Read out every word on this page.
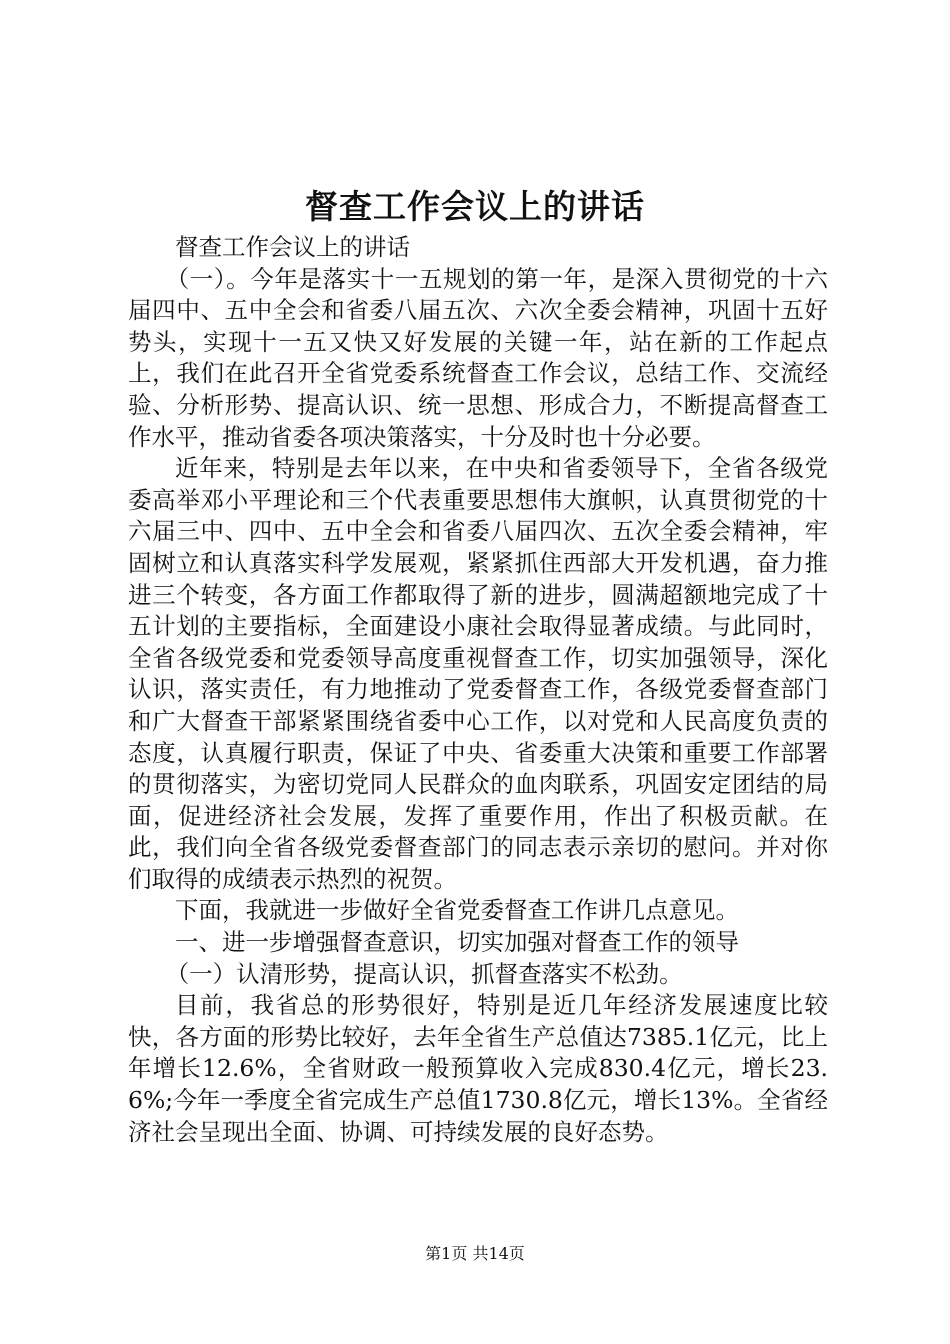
督查工作会议上的讲话

督查工作会议上的讲话

（一）。今年是落实十一五规划的第一年，是深入贯彻党的十六届四中、五中全会和省委八届五次、六次全委会精神，巩固十五好势头，实现十一五又快又好发展的关键一年，站在新的工作起点上，我们在此召开全省党委系统督查工作会议，总结工作、交流经验、分析形势、提高认识、统一思想、形成合力，不断提高督查工作水平，推动省委各项决策落实，十分及时也十分必要。

近年来，特别是去年以来，在中央和省委领导下，全省各级党委高举邓小平理论和三个代表重要思想伟大旗帜，认真贯彻党的十六届三中、四中、五中全会和省委八届四次、五次全委会精神，牢固树立和认真落实科学发展观，紧紧抓住西部大开发机遇，奋力推进三个转变，各方面工作都取得了新的进步，圆满超额地完成了十五计划的主要指标，全面建设小康社会取得显著成绩。与此同时，全省各级党委和党委领导高度重视督查工作，切实加强领导，深化认识，落实责任，有力地推动了党委督查工作，各级党委督查部门和广大督查干部紧紧围绕省委中心工作，以对党和人民高度负责的态度，认真履行职责，保证了中央、省委重大决策和重要工作部署的贯彻落实，为密切党同人民群众的血肉联系，巩固安定团结的局面，促进经济社会发展，发挥了重要作用，作出了积极贡献。在此，我们向全省各级党委督查部门的同志表示亲切的慰问。并对你们取得的成绩表示热烈的祝贺。

下面，我就进一步做好全省党委督查工作讲几点意见。

一、进一步增强督查意识，切实加强对督查工作的领导

（一）认清形势，提高认识，抓督查落实不松劲。

目前，我省总的形势很好，特别是近几年经济发展速度比较快，各方面的形势比较好，去年全省生产总值达7385.1亿元，比上年增长12.6%，全省财政一般预算收入完成830.4亿元，增长23.6%;今年一季度全省完成生产总值1730.8亿元，增长13%。全省经济社会呈现出全面、协调、可持续发展的良好态势。

第1页 共14页
